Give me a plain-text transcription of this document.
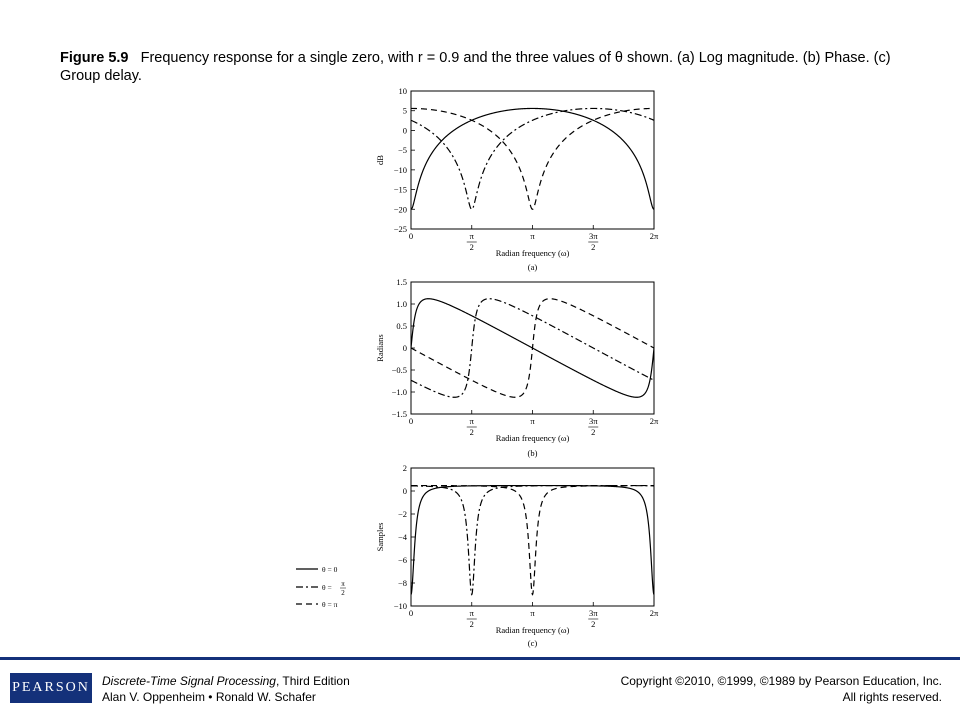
Figure 5.9 Frequency response for a single zero, with r = 0.9 and the three values of θ shown. (a) Log magnitude. (b) Phase. (c) Group delay.
10
5
0
−5
−10
−15
−20
−25
0	π
2
π	3π
2
2π
Radian frequency (ω)
dB
(a)
1.5
1.0
0.5
0
−0.5
−1.0
−1.5
0	π
2
π	3π
2
2π
Radian frequency (ω)
Radians
(b)
2
0
−2
−4
−6
−8
−10
0	π
2
π	3π
2
2π
Radian frequency (ω)
Samples
(c)
θ = 0
θ = π
2
θ = π
PEARSON Discrete-Time Signal Processing, Third Edition
Alan V. Oppenheim • Ronald W. Schafer
Copyright ©2010, ©1999, ©1989 by Pearson Education, Inc.
All rights reserved.
